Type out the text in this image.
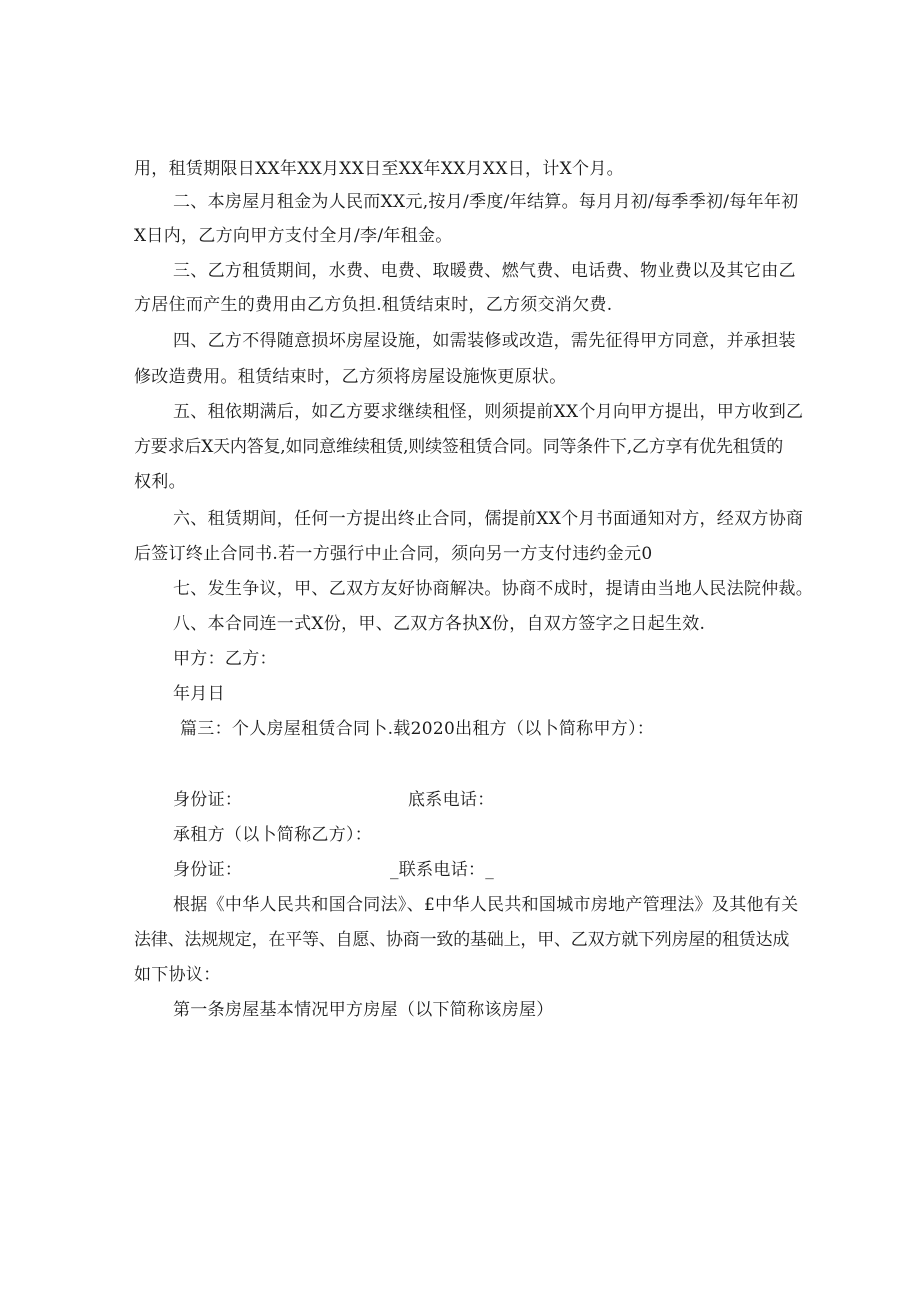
用，租赁期限日XX年XX月XX日至XX年XX月XX日，计X个月。
二、本房屋月租金为人民而XX元,按月/季度/年结算。每月月初/每季季初/每年年初
X日内，乙方向甲方支付全月/李/年租金。
三、乙方租赁期间，水费、电费、取暖费、燃气费、电话费、物业费以及其它由乙
方居住而产生的费用由乙方负担.租赁结束时，乙方须交消欠费.
四、乙方不得随意损坏房屋设施，如需装修或改造，需先征得甲方同意，并承担装
修改造费用。租赁结束时，乙方须将房屋设施恢更原状。
五、租依期满后，如乙方要求继续租怪，则须提前XX个月向甲方提出，甲方收到乙
方要求后X天内答复,如同意维续租赁,则续签租赁合同。同等条件下,乙方享有优先租赁的
权利。
六、租赁期间，任何一方提出终止合同，儒提前XX个月书面通知对方，经双方协商
后签订终止合同书.若一方强行中止合同，须向另一方支付违约金元0
七、发生争议，甲、乙双方友好协商解决。协商不成时，提请由当地人民法院仲裁。
八、本合同连一式X份，甲、乙双方各执X份，自双方签字之日起生效.
甲方：乙方：
年月日
篇三：个人房屋租赁合同卜.载2020出租方（以卜简称甲方）：
身份证：	底系电话：
承租方（以卜简称乙方）：
身份证：	_联系电话：_
根据《中华人民共和国合同法》、£中华人民共和国城市房地产管理法》及其他有关
法律、法规规定，在平等、自愿、协商一致的基础上，甲、乙双方就下列房屋的租赁达成
如下协议：
第一条房屋基本情况甲方房屋（以下简称该房屋）
